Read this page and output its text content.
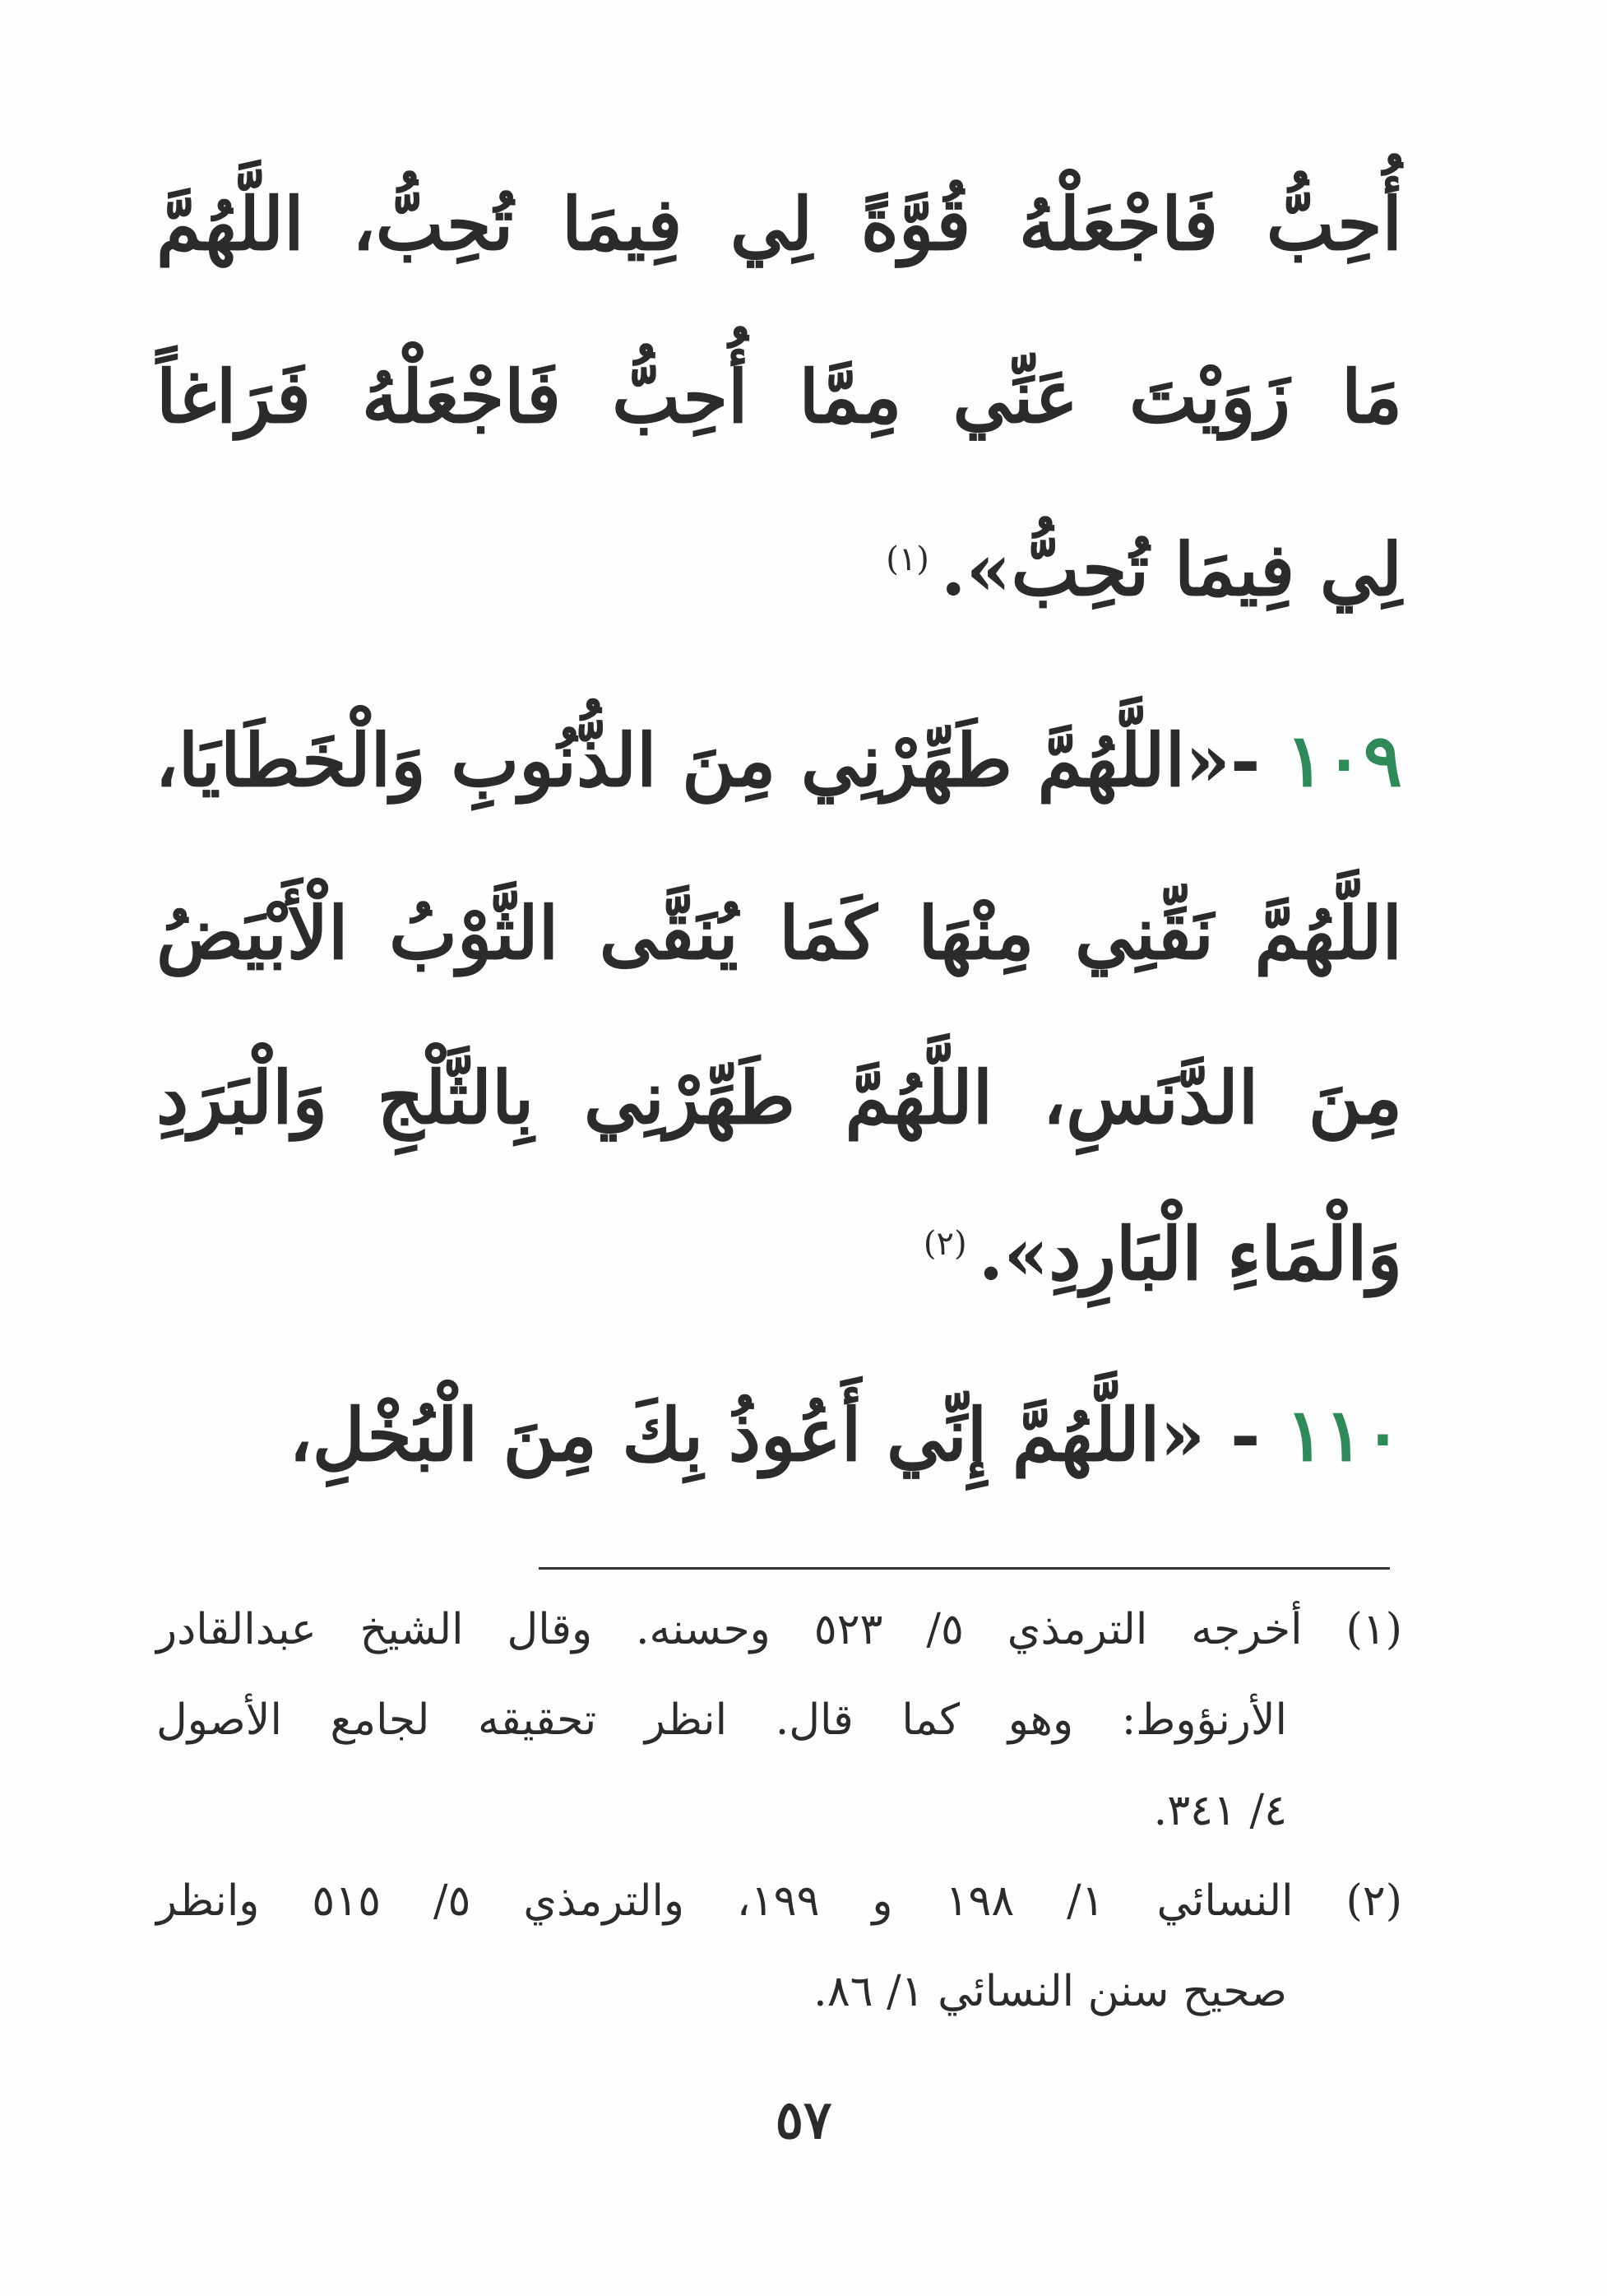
أُحِبُّ فَاجْعَلْهُ قُوَّةً لِي فِيمَا تُحِبُّ، اللَّهُمَّ
مَا زَوَيْتَ عَنِّي مِمَّا أُحِبُّ فَاجْعَلْهُ فَرَاغاً
لِي فِيمَا تُحِبُّ».$^{(١)}$
١٠٩ -«اللَّهُمَّ طَهِّرْنِي مِنَ الذُّنُوبِ وَالْخَطَايَا،
اللَّهُمَّ نَقِّنِي مِنْهَا كَمَا يُنَقَّى الثَّوْبُ الْأَبْيَضُ
مِنَ الدَّنَسِ، اللَّهُمَّ طَهِّرْنِي بِالثَّلْجِ وَالْبَرَدِ
وَالْمَاءِ الْبَارِدِ».$^{(٢)}$
١١٠ - «اللَّهُمَّ إِنِّي أَعُوذُ بِكَ مِنَ الْبُخْلِ،
(١) أخرجه الترمذي ٥/ ٥٢٣ وحسنه. وقال الشيخ عبدالقادر
الأرنؤوط: وهو كما قال. انظر تحقيقه لجامع الأصول
٤/ ٣٤١.
(٢) النسائي ١/ ١٩٨ و ١٩٩، والترمذي ٥/ ٥١٥ وانظر
صحيح سنن النسائي ١/ ٨٦.
٥٧
